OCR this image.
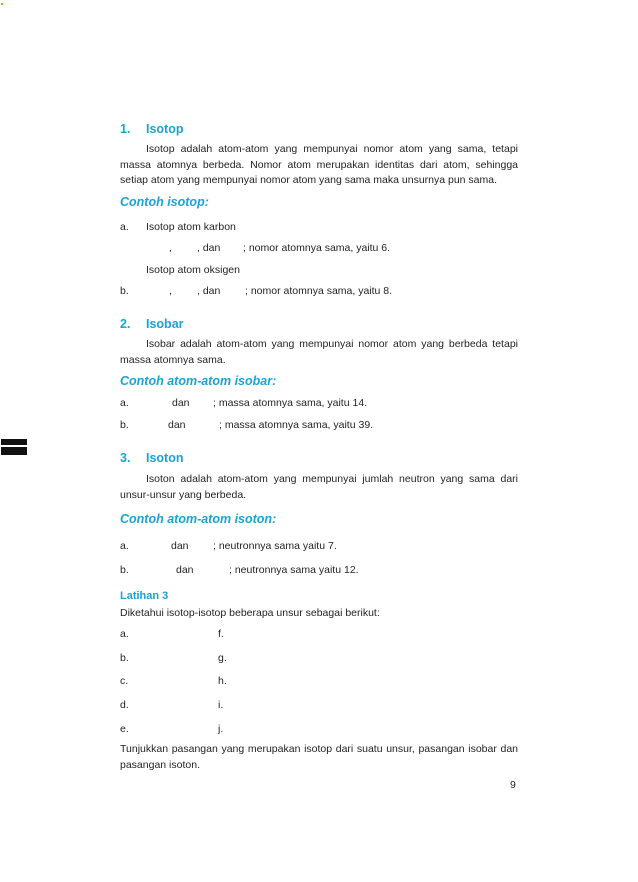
1. Isotop
Isotop adalah atom-atom yang mempunyai nomor atom yang sama, tetapi massa atomnya berbeda. Nomor atom merupakan identitas dari atom, sehingga setiap atom yang mempunyai nomor atom yang sama maka unsurnya pun sama.
Contoh isotop:
a. Isotop atom karbon
, , dan ; nomor atomnya sama, yaitu 6.
Isotop atom oksigen
b.	, , dan ; nomor atomnya sama, yaitu 8.
2. Isobar
Isobar adalah atom-atom yang mempunyai nomor atom yang berbeda tetapi massa atomnya sama.
Contoh atom-atom isobar:
a.	dan ; massa atomnya sama, yaitu 14.
b.	dan	; massa atomnya sama, yaitu 39.
3. Isoton
Isoton adalah atom-atom yang mempunyai jumlah neutron yang sama dari unsur-unsur yang berbeda.
Contoh atom-atom isoton:
a.	dan ; neutronnya sama yaitu 7.
b.	dan	; neutronnya sama yaitu 12.
Latihan 3
Diketahui isotop-isotop beberapa unsur sebagai berikut:
a.	f.
b.	g.
c.	h.
d.	i.
e.	j.
Tunjukkan pasangan yang merupakan isotop dari suatu unsur, pasangan isobar dan pasangan isoton.
9
